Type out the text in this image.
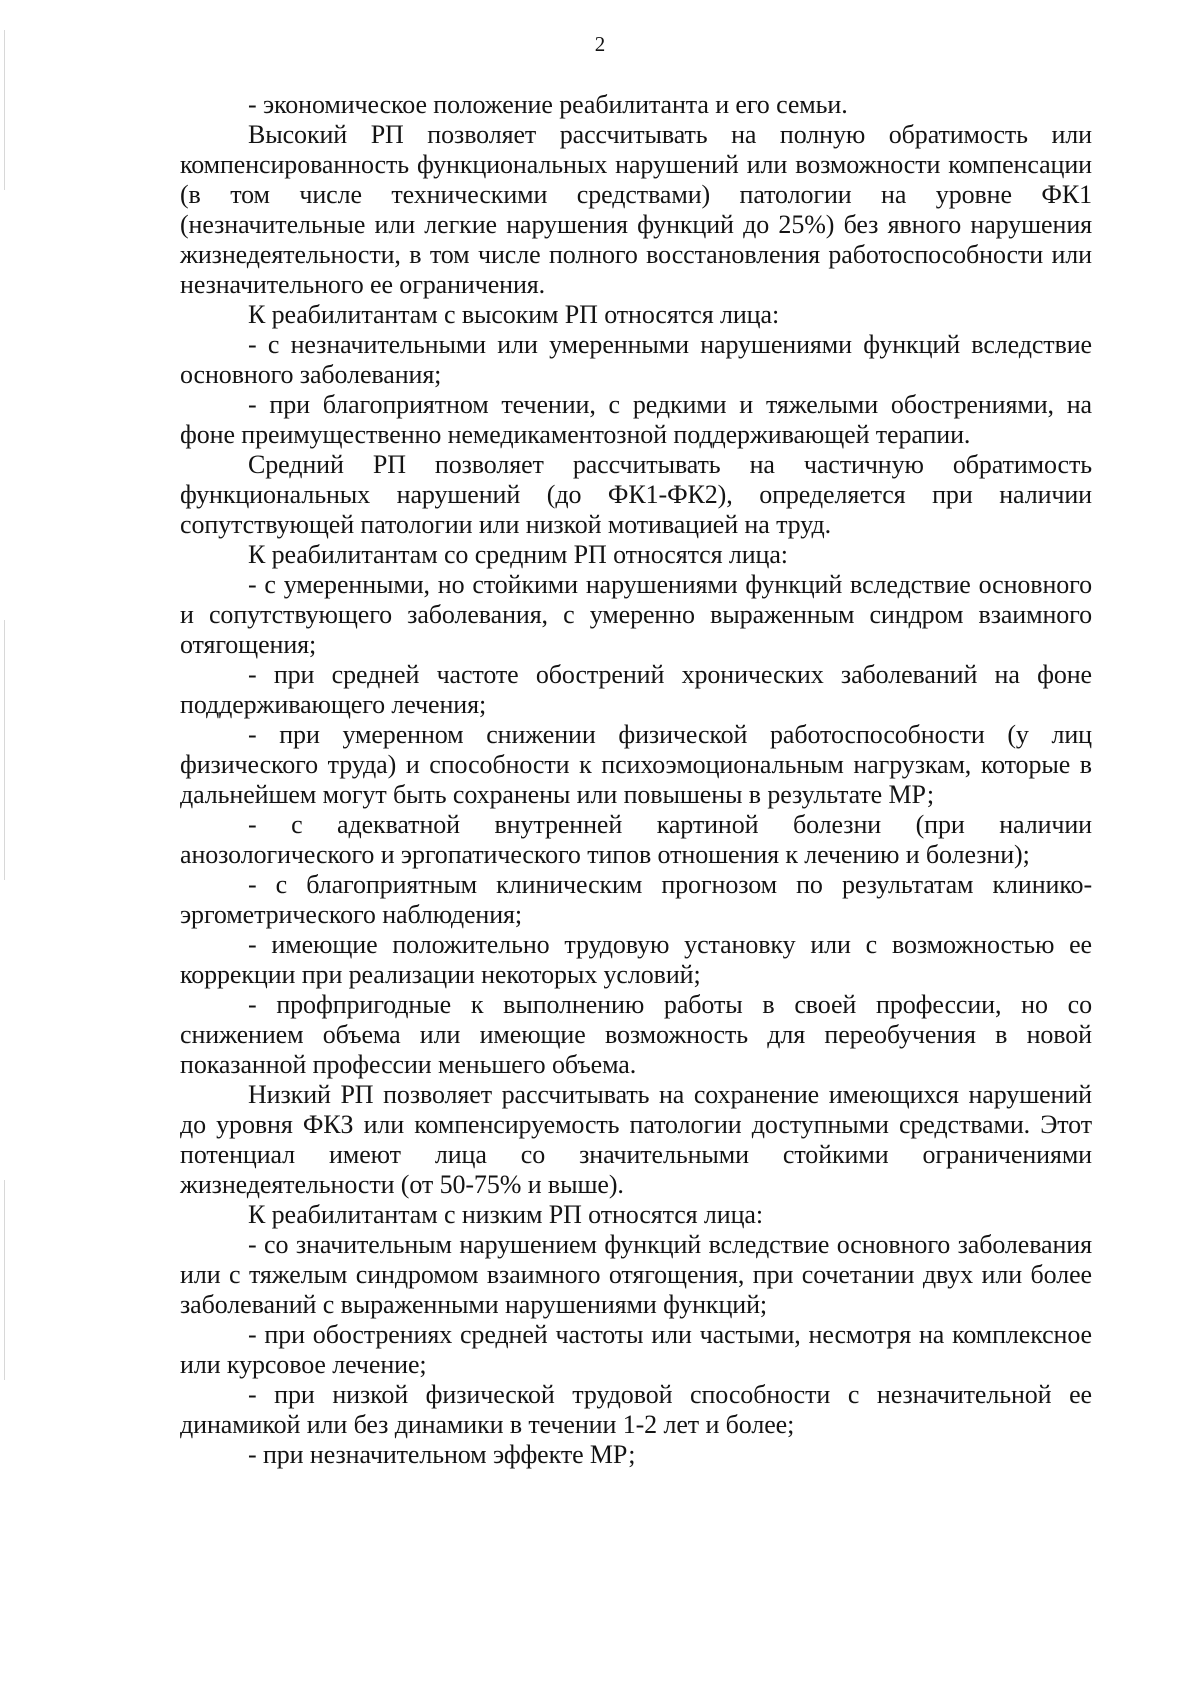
2

- экономическое положение реабилитанта и его семьи.

Высокий РП позволяет рассчитывать на полную обратимость или компенсированность функциональных нарушений или возможности компенсации (в том числе техническими средствами) патологии на уровне ФК1 (незначительные или легкие нарушения функций до 25%) без явного нарушения жизнедеятельности, в том числе полного восстановления работоспособности или незначительного ее ограничения.

К реабилитантам с высоким РП относятся лица:

- с незначительными или умеренными нарушениями функций вследствие основного заболевания;

- при благоприятном течении, с редкими и тяжелыми обострениями, на фоне преимущественно немедикаментозной поддерживающей терапии.

Средний РП позволяет рассчитывать на частичную обратимость функциональных нарушений (до ФК1-ФК2), определяется при наличии сопутствующей патологии или низкой мотивацией на труд.

К реабилитантам со средним РП относятся лица:

- с умеренными, но стойкими нарушениями функций вследствие основного и сопутствующего заболевания, с умеренно выраженным синдром взаимного отягощения;

- при средней частоте обострений хронических заболеваний на фоне поддерживающего лечения;

- при умеренном снижении физической работоспособности (у лиц физического труда) и способности к психоэмоциональным нагрузкам, которые в дальнейшем могут быть сохранены или повышены в результате МР;

- с адекватной внутренней картиной болезни (при наличии анозологического и эргопатического типов отношения к лечению и болезни);

- с благоприятным клиническим прогнозом по результатам клинико-эргометрического наблюдения;

- имеющие положительно трудовую установку или с возможностью ее коррекции при реализации некоторых условий;

- профпригодные к выполнению работы в своей профессии, но со снижением объема или имеющие возможность для переобучения в новой показанной профессии меньшего объема.

Низкий РП позволяет рассчитывать на сохранение имеющихся нарушений до уровня ФКЗ или компенсируемость патологии доступными средствами. Этот потенциал имеют лица со значительными стойкими ограничениями жизнедеятельности (от 50-75% и выше).

К реабилитантам с низким РП относятся лица:

- со значительным нарушением функций вследствие основного заболевания или с тяжелым синдромом взаимного отягощения, при сочетании двух или более заболеваний с выраженными нарушениями функций;

- при обострениях средней частоты или частыми, несмотря на комплексное или курсовое лечение;

- при низкой физической трудовой способности с незначительной ее динамикой или без динамики в течении 1-2 лет и более;

- при незначительном эффекте МР;
